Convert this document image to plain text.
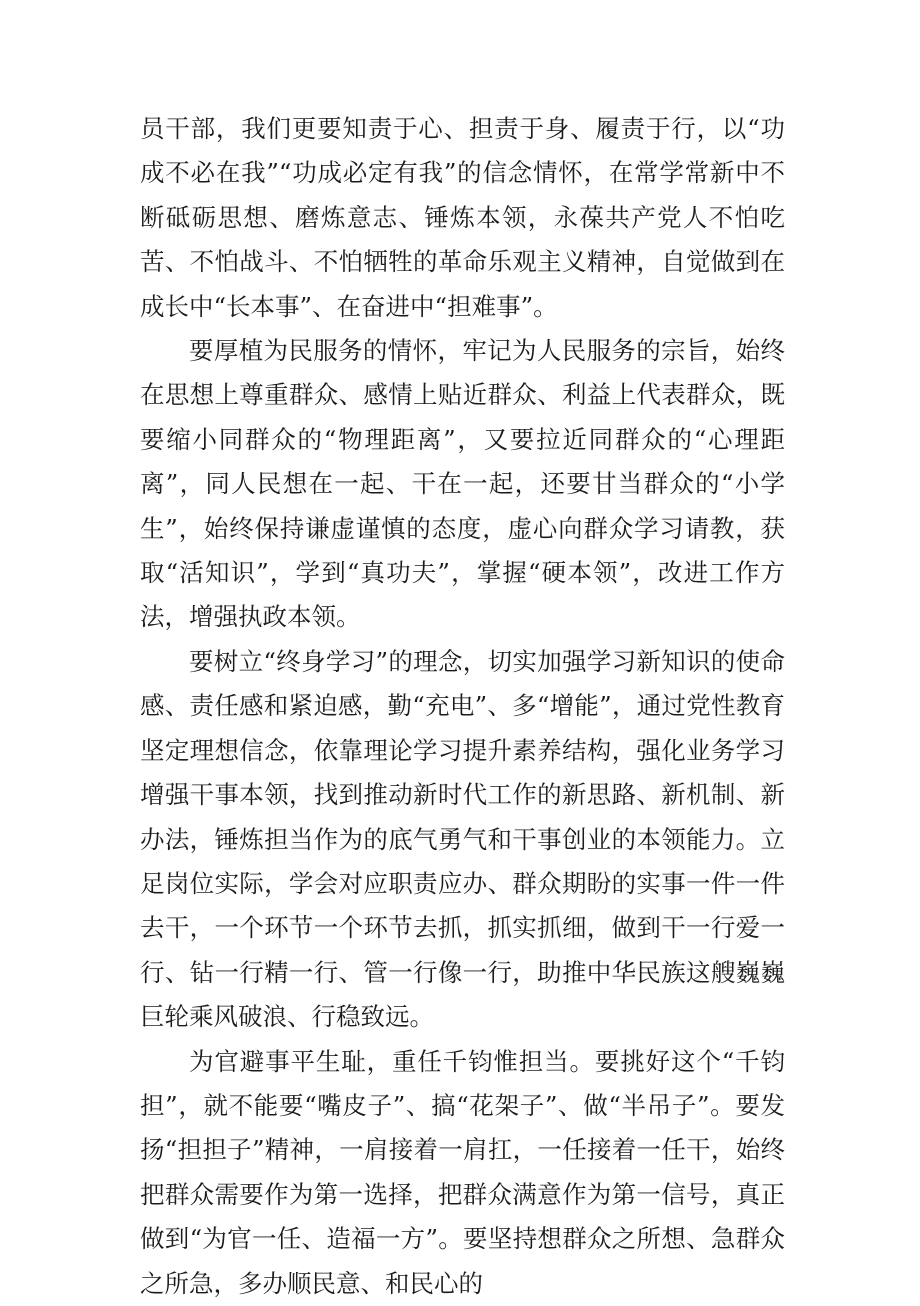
员干部，我们更要知责于心、担责于身、履责于行，以“功成不必在我”“功成必定有我”的信念情怀，在常学常新中不断砥砺思想、磨炼意志、锤炼本领，永葆共产党人不怕吃苦、不怕战斗、不怕牺牲的革命乐观主义精神，自觉做到在成长中“长本事”、在奋进中“担难事”。

要厚植为民服务的情怀，牢记为人民服务的宗旨，始终在思想上尊重群众、感情上贴近群众、利益上代表群众，既要缩小同群众的“物理距离”，又要拉近同群众的“心理距离”，同人民想在一起、干在一起，还要甘当群众的“小学生”，始终保持谦虚谨慎的态度，虚心向群众学习请教，获取“活知识”，学到“真功夫”，掌握“硬本领”，改进工作方法，增强执政本领。

要树立“终身学习”的理念，切实加强学习新知识的使命感、责任感和紧迫感，勤“充电”、多“增能”，通过党性教育坚定理想信念，依靠理论学习提升素养结构，强化业务学习增强干事本领，找到推动新时代工作的新思路、新机制、新办法，锤炼担当作为的底气勇气和干事创业的本领能力。立足岗位实际，学会对应职责应办、群众期盼的实事一件一件去干，一个环节一个环节去抓，抓实抓细，做到干一行爱一行、钻一行精一行、管一行像一行，助推中华民族这艘巍巍巨轮乘风破浪、行稳致远。

为官避事平生耻，重任千钧惟担当。要挑好这个“千钧担”，就不能要“嘴皮子”、搞“花架子”、做“半吊子”。要发扬“担担子”精神，一肩接着一肩扛，一任接着一任干，始终把群众需要作为第一选择，把群众满意作为第一信号，真正做到“为官一任、造福一方”。要坚持想群众之所想、急群众之所急，多办顺民意、和民心的
